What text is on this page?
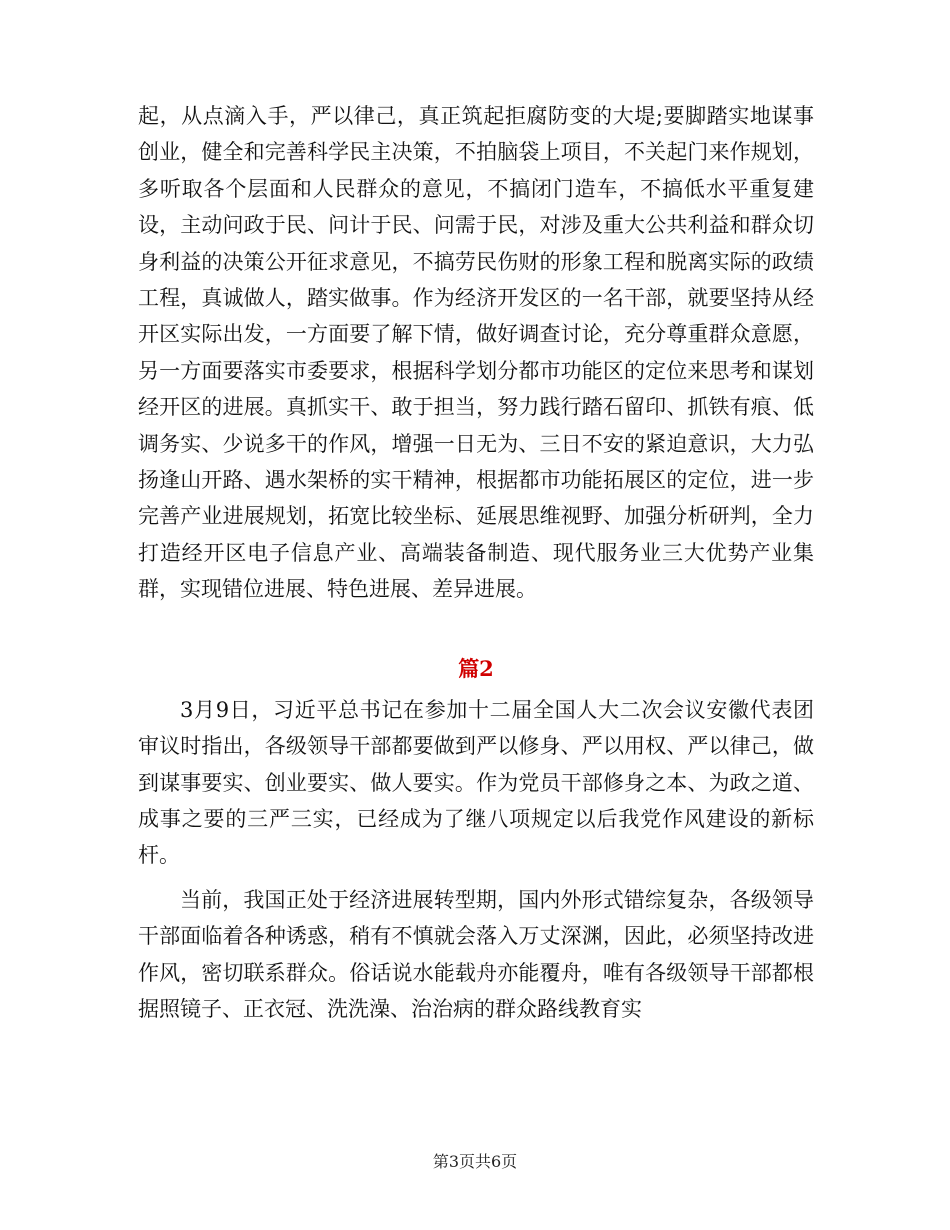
起，从点滴入手，严以律己，真正筑起拒腐防变的大堤;要脚踏实地谋事创业，健全和完善科学民主决策，不拍脑袋上项目，不关起门来作规划，多听取各个层面和人民群众的意见，不搞闭门造车，不搞低水平重复建设，主动问政于民、问计于民、问需于民，对涉及重大公共利益和群众切身利益的决策公开征求意见，不搞劳民伤财的形象工程和脱离实际的政绩工程，真诚做人，踏实做事。作为经济开发区的一名干部，就要坚持从经开区实际出发，一方面要了解下情，做好调查讨论，充分尊重群众意愿，另一方面要落实市委要求，根据科学划分都市功能区的定位来思考和谋划经开区的进展。真抓实干、敢于担当，努力践行踏石留印、抓铁有痕、低调务实、少说多干的作风，增强一日无为、三日不安的紧迫意识，大力弘扬逢山开路、遇水架桥的实干精神，根据都市功能拓展区的定位，进一步完善产业进展规划，拓宽比较坐标、延展思维视野、加强分析研判，全力打造经开区电子信息产业、高端装备制造、现代服务业三大优势产业集群，实现错位进展、特色进展、差异进展。

篇2

3月9日，习近平总书记在参加十二届全国人大二次会议安徽代表团审议时指出，各级领导干部都要做到严以修身、严以用权、严以律己，做到谋事要实、创业要实、做人要实。作为党员干部修身之本、为政之道、成事之要的三严三实，已经成为了继八项规定以后我党作风建设的新标杆。

当前，我国正处于经济进展转型期，国内外形式错综复杂，各级领导干部面临着各种诱惑，稍有不慎就会落入万丈深渊，因此，必须坚持改进作风，密切联系群众。俗话说水能载舟亦能覆舟，唯有各级领导干部都根据照镜子、正衣冠、洗洗澡、治治病的群众路线教育实

第3页共6页
